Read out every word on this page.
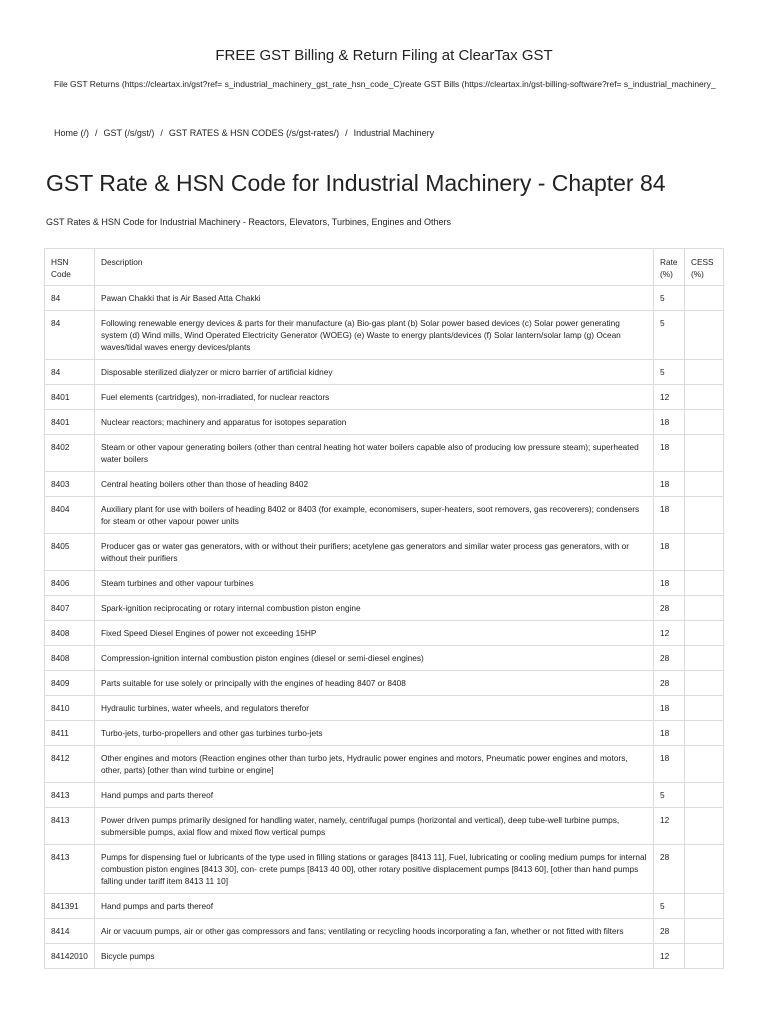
FREE GST Billing & Return Filing at ClearTax GST
File GST Returns (https://cleartax.in/gst?ref= s_industrial_machinery_gst_rate_hsn_code_C)reate GST Bills (https://cleartax.in/gst-billing-software?ref= s_industrial_machinery_
Home (/) / GST (/s/gst/) / GST RATES & HSN CODES (/s/gst-rates/) / Industrial Machinery
GST Rate & HSN Code for Industrial Machinery - Chapter 84
GST Rates & HSN Code for Industrial Machinery - Reactors, Elevators, Turbines, Engines and Others
HSN Code	Description	Rate (%)	CESS (%)
84	Pawan Chakki that is Air Based Atta Chakki	5	
84	Following renewable energy devices & parts for their manufacture (a) Bio-gas plant (b) Solar power based devices (c) Solar power generating system (d) Wind mills, Wind Operated Electricity Generator (WOEG) (e) Waste to energy plants/devices (f) Solar lantern/solar lamp (g) Ocean waves/tidal waves energy devices/plants	5	
84	Disposable sterilized dialyzer or micro barrier of artificial kidney	5	
8401	Fuel elements (cartridges), non-irradiated, for nuclear reactors	12	
8401	Nuclear reactors; machinery and apparatus for isotopes separation	18	
8402	Steam or other vapour generating boilers (other than central heating hot water boilers capable also of producing low pressure steam); superheated water boilers	18	
8403	Central heating boilers other than those of heading 8402	18	
8404	Auxiliary plant for use with boilers of heading 8402 or 8403 (for example, economisers, super-heaters, soot removers, gas recoverers); condensers for steam or other vapour power units	18	
8405	Producer gas or water gas generators, with or without their purifiers; acetylene gas generators and similar water process gas generators, with or without their purifiers	18	
8406	Steam turbines and other vapour turbines	18	
8407	Spark-ignition reciprocating or rotary internal combustion piston engine	28	
8408	Fixed Speed Diesel Engines of power not exceeding 15HP	12	
8408	Compression-ignition internal combustion piston engines (diesel or semi-diesel engines)	28	
8409	Parts suitable for use solely or principally with the engines of heading 8407 or 8408	28	
8410	Hydraulic turbines, water wheels, and regulators therefor	18	
8411	Turbo-jets, turbo-propellers and other gas turbines turbo-jets	18	
8412	Other engines and motors (Reaction engines other than turbo jets, Hydraulic power engines and motors, Pneumatic power engines and motors, other, parts) [other than wind turbine or engine]	18	
8413	Hand pumps and parts thereof	5	
8413	Power driven pumps primarily designed for handling water, namely, centrifugal pumps (horizontal and vertical), deep tube-well turbine pumps, submersible pumps, axial flow and mixed flow vertical pumps	12	
8413	Pumps for dispensing fuel or lubricants of the type used in filling stations or garages [8413 11], Fuel, lubricating or cooling medium pumps for internal combustion piston engines [8413 30], con- crete pumps [8413 40 00], other rotary positive displacement pumps [8413 60], [other than hand pumps falling under tariff item 8413 11 10]	28	
841391	Hand pumps and parts thereof	5	
8414	Air or vacuum pumps, air or other gas compressors and fans; ventilating or recycling hoods incorporating a fan, whether or not fitted with filters	28	
84142010	Bicycle pumps	12	
